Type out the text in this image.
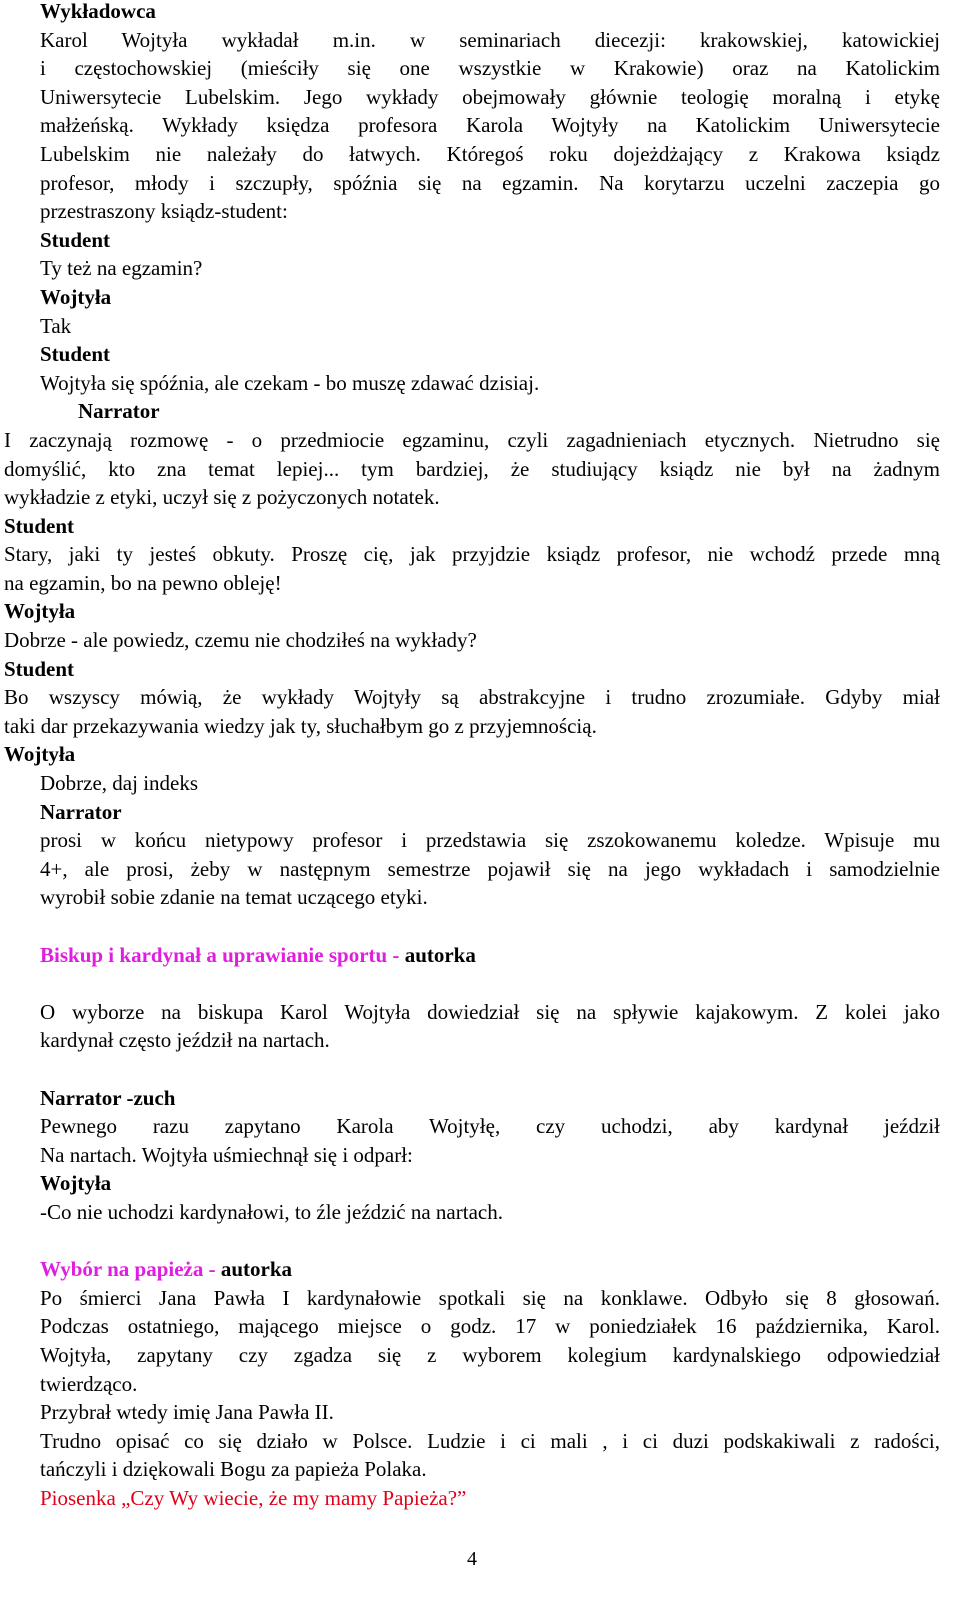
Wykładowca
Karol Wojtyła wykładał m.in. w seminariach diecezji: krakowskiej, katowickiej
i częstochowskiej (mieściły się one wszystkie w Krakowie) oraz na Katolickim
Uniwersytecie Lubelskim. Jego wykłady obejmowały głównie teologię moralną i etykę
małżeńską. Wykłady księdza profesora Karola Wojtyły na Katolickim Uniwersytecie
Lubelskim nie należały do łatwych. Któregoś roku dojeżdżający z Krakowa ksiądz
profesor, młody i szczupły, spóźnia się na egzamin. Na korytarzu uczelni zaczepia go
przestraszony ksiądz-student:
Student
Ty też na egzamin?
Wojtyła
Tak
Student
Wojtyła się spóźnia, ale czekam - bo muszę zdawać dzisiaj.
Narrator
I zaczynają rozmowę - o przedmiocie egzaminu, czyli zagadnieniach etycznych. Nietrudno się
domyślić, kto zna temat lepiej... tym bardziej, że studiujący ksiądz nie był na żadnym
wykładzie z etyki, uczył się z pożyczonych notatek.
Student
Stary, jaki ty jesteś obkuty. Proszę cię, jak przyjdzie ksiądz profesor, nie wchodź przede mną
na egzamin, bo na pewno obleję!
Wojtyła
Dobrze - ale powiedz, czemu nie chodziłeś na wykłady?
Student
Bo wszyscy mówią, że wykłady Wojtyły są abstrakcyjne i trudno zrozumiałe. Gdyby miał
taki dar przekazywania wiedzy jak ty, słuchałbym go z przyjemnością.
Wojtyła
Dobrze, daj indeks
Narrator
prosi w końcu nietypowy profesor i przedstawia się zszokowanemu koledze. Wpisuje mu
4+, ale prosi, żeby w następnym semestrze pojawił się na jego wykładach i samodzielnie
wyrobił sobie zdanie na temat uczącego etyki.
Biskup i kardynał a uprawianie sportu - autorka
O wyborze na biskupa Karol Wojtyła dowiedział się na spływie kajakowym. Z kolei jako
kardynał często jeździł na nartach.
Narrator -zuch
Pewnego razu zapytano Karola Wojtyłę, czy uchodzi, aby kardynał jeździł
Na nartach. Wojtyła uśmiechnął się i odparł:
Wojtyła
-Co nie uchodzi kardynałowi, to źle jeździć na nartach.
Wybór na papieża - autorka
Po śmierci Jana Pawła I kardynałowie spotkali się na konklawe. Odbyło się 8 głosowań.
Podczas ostatniego, mającego miejsce o godz. 17 w poniedziałek 16 października, Karol.
Wojtyła, zapytany czy zgadza się z wyborem kolegium kardynalskiego odpowiedział
twierdząco.
Przybrał wtedy imię Jana Pawła II.
Trudno opisać co się działo w Polsce. Ludzie i ci mali , i ci duzi podskakiwali z radości,
tańczyli i dziękowali Bogu za papieża Polaka.
Piosenka „Czy Wy wiecie, że my mamy Papieża?”
4
